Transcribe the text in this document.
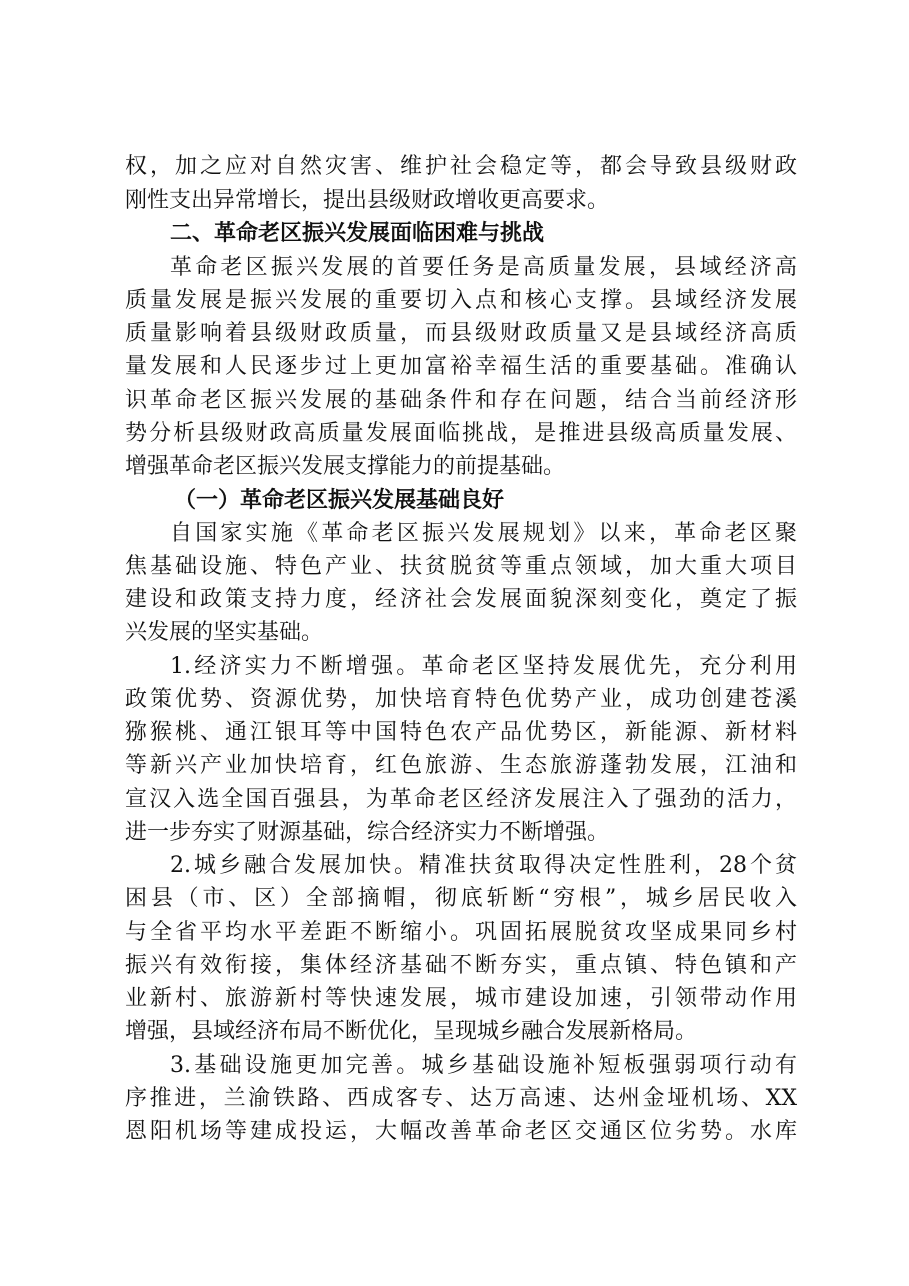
权，加之应对自然灾害、维护社会稳定等，都会导致县级财政
刚性支出异常增长，提出县级财政增收更高要求。
二、革命老区振兴发展面临困难与挑战
革命老区振兴发展的首要任务是高质量发展，县域经济高
质量发展是振兴发展的重要切入点和核心支撑。县域经济发展
质量影响着县级财政质量，而县级财政质量又是县域经济高质
量发展和人民逐步过上更加富裕幸福生活的重要基础。准确认
识革命老区振兴发展的基础条件和存在问题，结合当前经济形
势分析县级财政高质量发展面临挑战，是推进县级高质量发展、
增强革命老区振兴发展支撑能力的前提基础。
（一）革命老区振兴发展基础良好
自国家实施《革命老区振兴发展规划》以来，革命老区聚
焦基础设施、特色产业、扶贫脱贫等重点领域，加大重大项目
建设和政策支持力度，经济社会发展面貌深刻变化，奠定了振
兴发展的坚实基础。
1.经济实力不断增强。革命老区坚持发展优先，充分利用
政策优势、资源优势，加快培育特色优势产业，成功创建苍溪
猕猴桃、通江银耳等中国特色农产品优势区，新能源、新材料
等新兴产业加快培育，红色旅游、生态旅游蓬勃发展，江油和
宣汉入选全国百强县，为革命老区经济发展注入了强劲的活力，
进一步夯实了财源基础，综合经济实力不断增强。
2.城乡融合发展加快。精准扶贫取得决定性胜利，28个贫
困县（市、区）全部摘帽，彻底斩断“穷根”，城乡居民收入
与全省平均水平差距不断缩小。巩固拓展脱贫攻坚成果同乡村
振兴有效衔接，集体经济基础不断夯实，重点镇、特色镇和产
业新村、旅游新村等快速发展，城市建设加速，引领带动作用
增强，县域经济布局不断优化，呈现城乡融合发展新格局。
3.基础设施更加完善。城乡基础设施补短板强弱项行动有
序推进，兰渝铁路、西成客专、达万高速、达州金垭机场、XX
恩阳机场等建成投运，大幅改善革命老区交通区位劣势。水库
